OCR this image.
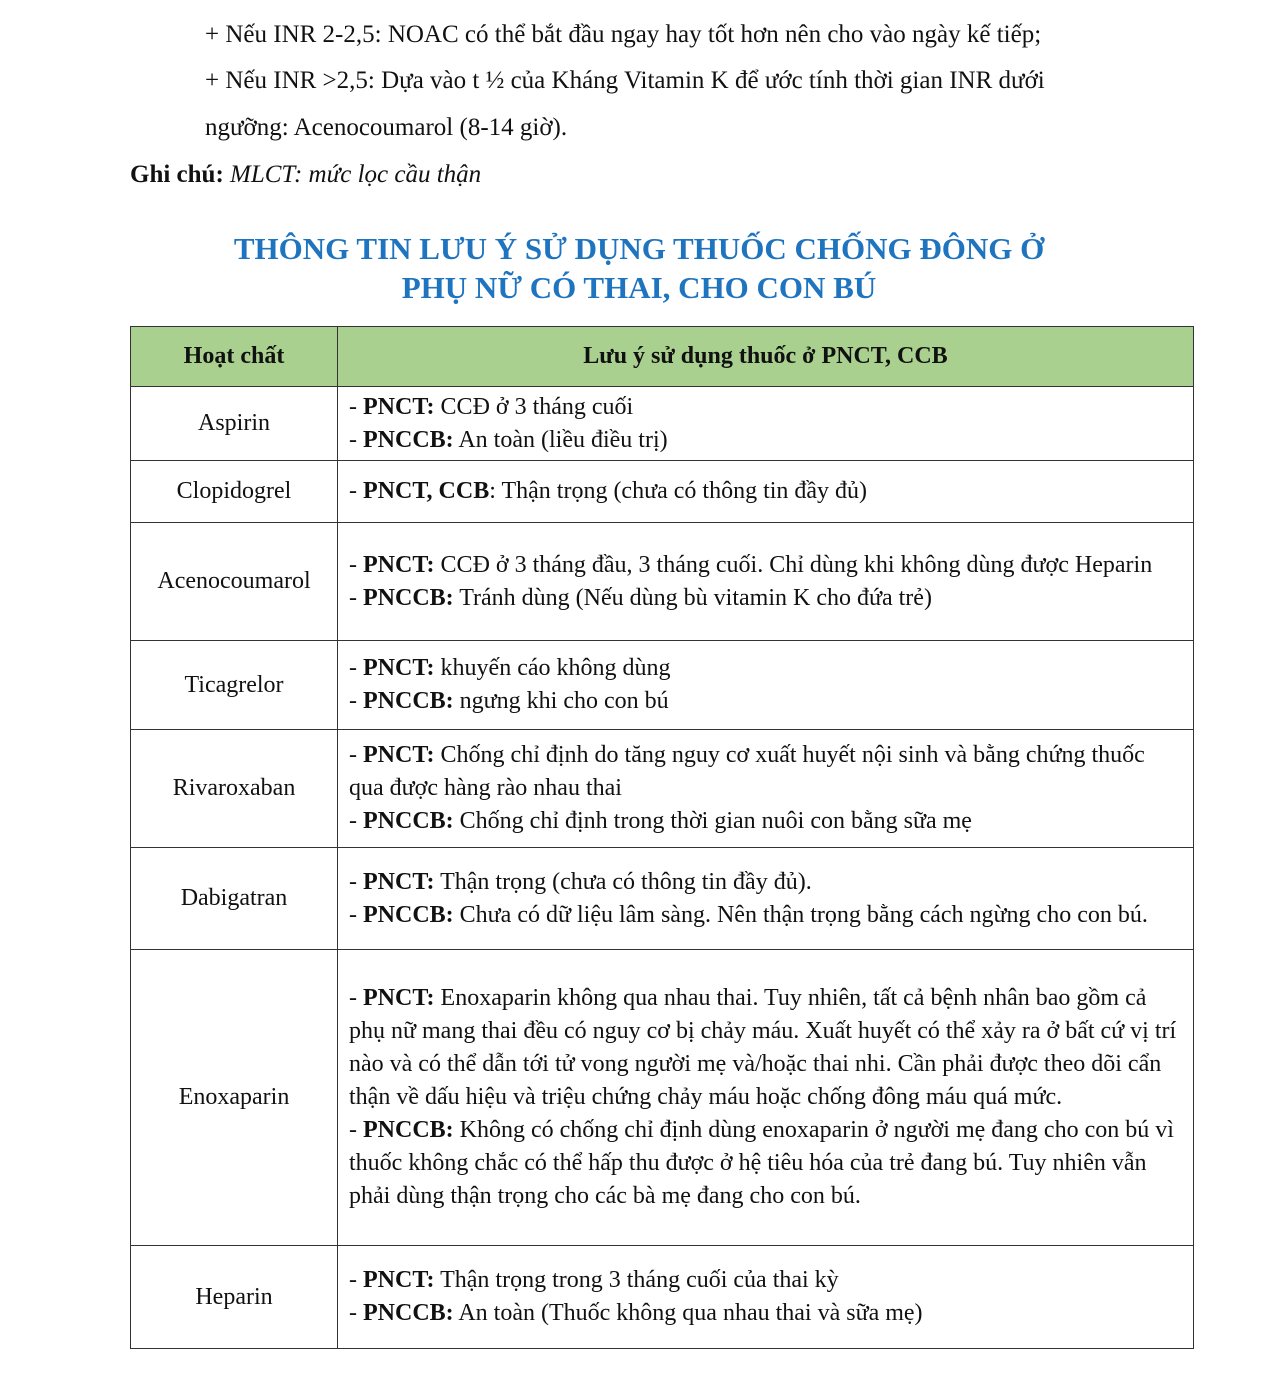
+ Nếu INR 2-2,5: NOAC có thể bắt đầu ngay hay tốt hơn nên cho vào ngày kế tiếp;
+ Nếu INR >2,5: Dựa vào t ½ của Kháng Vitamin K để ước tính thời gian INR dưới
ngưỡng: Acenocoumarol (8-14 giờ).
Ghi chú: MLCT: mức lọc cầu thận
THÔNG TIN LƯU Ý SỬ DỤNG THUỐC CHỐNG ĐÔNG Ở
PHỤ NỮ CÓ THAI, CHO CON BÚ
Hoạt chất	Lưu ý sử dụng thuốc ở PNCT, CCB
Aspirin	- PNCT: CCĐ ở 3 tháng cuối
- PNCCB: An toàn (liều điều trị)

Clopidogrel	- PNCT, CCB: Thận trọng (chưa có thông tin đầy đủ)

Acenocoumarol	- PNCT: CCĐ ở 3 tháng đầu, 3 tháng cuối. Chỉ dùng khi không dùng được Heparin
- PNCCB: Tránh dùng (Nếu dùng bù vitamin K cho đứa trẻ)

Ticagrelor	- PNCT: khuyến cáo không dùng
- PNCCB: ngưng khi cho con bú

Rivaroxaban	- PNCT: Chống chỉ định do tăng nguy cơ xuất huyết nội sinh và bằng chứng thuốc qua được hàng rào nhau thai
- PNCCB: Chống chỉ định trong thời gian nuôi con bằng sữa mẹ

Dabigatran	- PNCT: Thận trọng (chưa có thông tin đầy đủ).
- PNCCB: Chưa có dữ liệu lâm sàng. Nên thận trọng bằng cách ngừng cho con bú.

Enoxaparin	- PNCT: Enoxaparin không qua nhau thai. Tuy nhiên, tất cả bệnh nhân bao gồm cả phụ nữ mang thai đều có nguy cơ bị chảy máu. Xuất huyết có thể xảy ra ở bất cứ vị trí nào và có thể dẫn tới tử vong người mẹ và/hoặc thai nhi. Cần phải được theo dõi cẩn thận về dấu hiệu và triệu chứng chảy máu hoặc chống đông máu quá mức.
- PNCCB: Không có chống chỉ định dùng enoxaparin ở người mẹ đang cho con bú vì thuốc không chắc có thể hấp thu được ở hệ tiêu hóa của trẻ đang bú. Tuy nhiên vẫn phải dùng thận trọng cho các bà mẹ đang cho con bú.

Heparin	- PNCT: Thận trọng trong 3 tháng cuối của thai kỳ
- PNCCB: An toàn (Thuốc không qua nhau thai và sữa mẹ)
